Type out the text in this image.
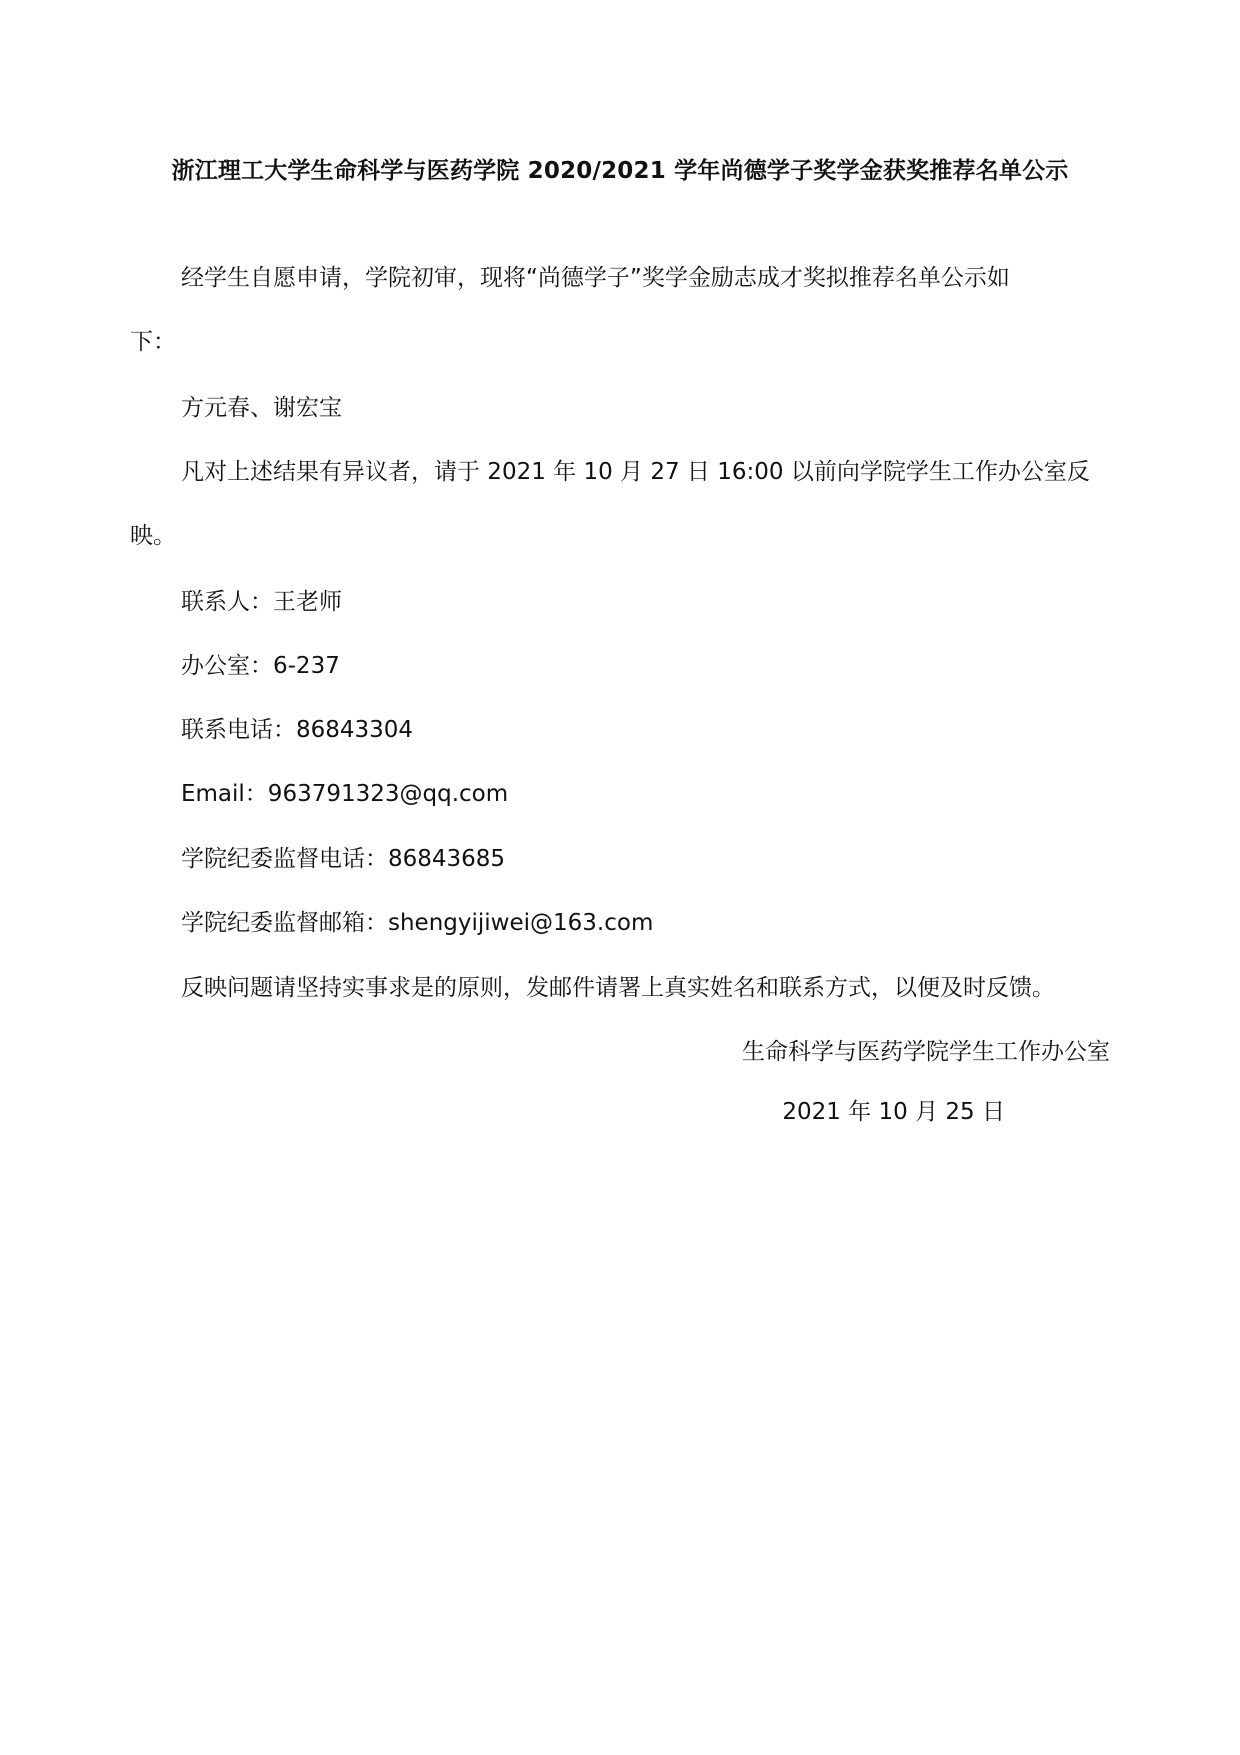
浙江理工大学生命科学与医药学院 2020/2021 学年尚德学子奖学金获奖推荐名单公示
经学生自愿申请，学院初审，现将“尚德学子”奖学金励志成才奖拟推荐名单公示如
下：
方元春、谢宏宝
凡对上述结果有异议者，请于 2021 年 10 月 27 日 16:00 以前向学院学生工作办公室反
映。
联系人：王老师
办公室：6-237
联系电话：86843304
Email：963791323@qq.com
学院纪委监督电话：86843685
学院纪委监督邮箱：shengyijiwei@163.com
反映问题请坚持实事求是的原则，发邮件请署上真实姓名和联系方式，以便及时反馈。
生命科学与医药学院学生工作办公室
2021 年 10 月 25 日
